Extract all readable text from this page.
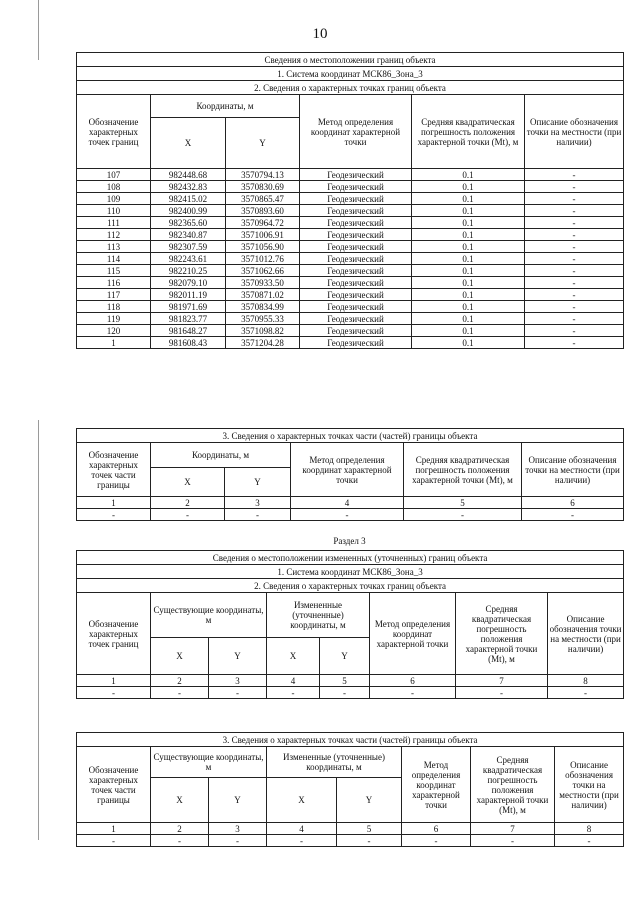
10
Сведения о местоположении границ объекта					
1. Система координат МСК86_Зона_3					
2. Сведения о характерных точках границ объекта					
Обозначение характерных точек границ	Координаты, м		Метод определения координат характерной точки	Средняя квадратическая погрешность положения характерной точки (Mt), м	Описание обозначения точки на местности (при наличии)
	X	Y			
107	982448.68	3570794.13	Геодезический	0.1	-
108	982432.83	3570830.69	Геодезический	0.1	-
109	982415.02	3570865.47	Геодезический	0.1	-
110	982400.99	3570893.60	Геодезический	0.1	-
111	982365.60	3570964.72	Геодезический	0.1	-
112	982340.87	3571006.91	Геодезический	0.1	-
113	982307.59	3571056.90	Геодезический	0.1	-
114	982243.61	3571012.76	Геодезический	0.1	-
115	982210.25	3571062.66	Геодезический	0.1	-
116	982079.10	3570933.50	Геодезический	0.1	-
117	982011.19	3570871.02	Геодезический	0.1	-
118	981971.69	3570834.99	Геодезический	0.1	-
119	981823.77	3570955.33	Геодезический	0.1	-
120	981648.27	3571098.82	Геодезический	0.1	-
1	981608.43	3571204.28	Геодезический	0.1	-
3. Сведения о характерных точках части (частей) границы объекта					
Обозначение характерных точек части границы	Координаты, м		Метод определения координат характерной точки	Средняя квадратическая погрешность положения характерной точки (Mt), м	Описание обозначения точки на местности (при наличии)
	X	Y			
1	2	3	4	5	6
-	-	-	-	-	-
Раздел 3
Сведения о местоположении измененных (уточненных) границ объекта							
1. Система координат МСК86_Зона_3							
2. Сведения о характерных точках границ объекта							
Обозначение характерных точек границ	Существующие координаты, м		Измененные (уточненные) координаты, м		Метод определения координат характерной точки	Средняя квадратическая погрешность положения характерной точки (Mt), м	Описание обозначения точки на местности (при наличии)
	X	Y	X	Y			
1	2	3	4	5	6	7	8
-	-	-	-	-	-	-	-
3. Сведения о характерных точках части (частей) границы объекта							
Обозначение характерных точек части границы	Существующие координаты, м		Измененные (уточненные) координаты, м		Метод определения координат характерной точки	Средняя квадратическая погрешность положения характерной точки (Mt), м	Описание обозначения точки на местности (при наличии)
	X	Y	X	Y			
1	2	3	4	5	6	7	8
-	-	-	-	-	-	-	-
